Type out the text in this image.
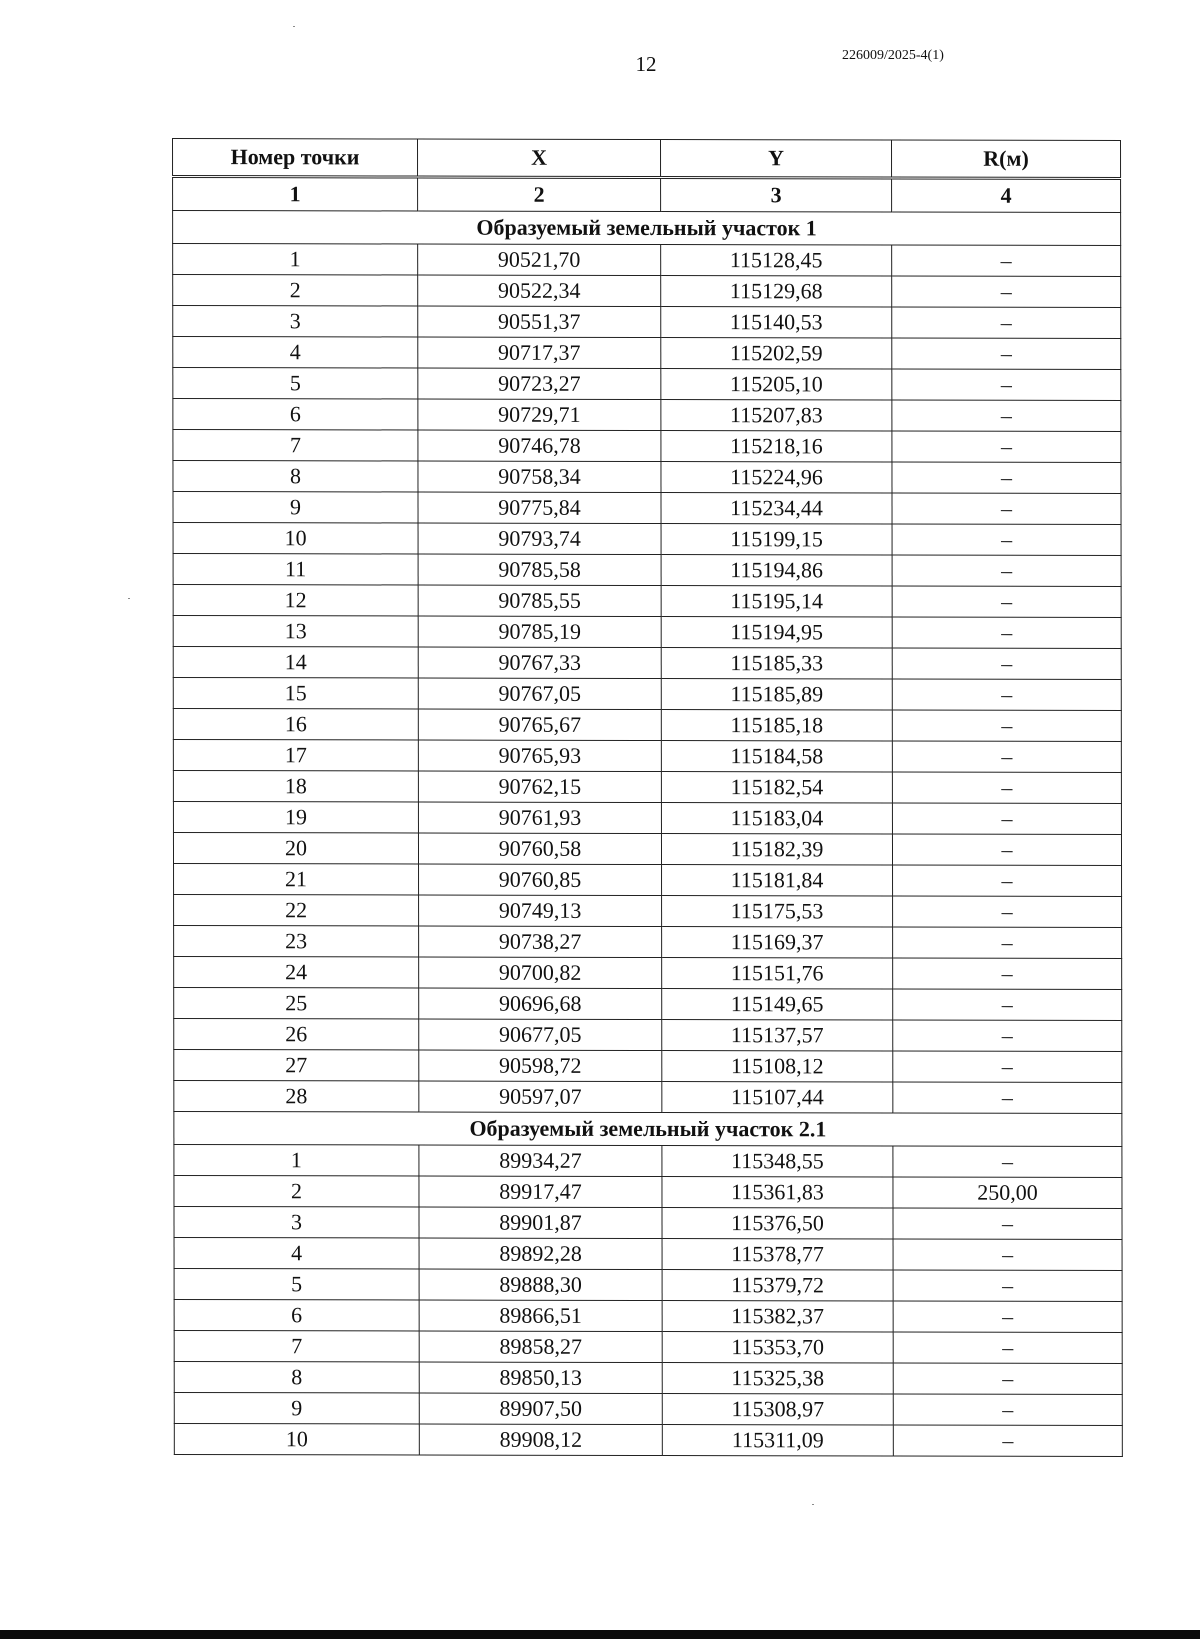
12	226009/2025-4(1)
Номер точки	X	Y	R(м)
1	2	3	4
Образуемый земельный участок 1			
1	90521,70	115128,45	–
2	90522,34	115129,68	–
3	90551,37	115140,53	–
4	90717,37	115202,59	–
5	90723,27	115205,10	–
6	90729,71	115207,83	–
7	90746,78	115218,16	–
8	90758,34	115224,96	–
9	90775,84	115234,44	–
10	90793,74	115199,15	–
11	90785,58	115194,86	–
12	90785,55	115195,14	–
13	90785,19	115194,95	–
14	90767,33	115185,33	–
15	90767,05	115185,89	–
16	90765,67	115185,18	–
17	90765,93	115184,58	–
18	90762,15	115182,54	–
19	90761,93	115183,04	–
20	90760,58	115182,39	–
21	90760,85	115181,84	–
22	90749,13	115175,53	–
23	90738,27	115169,37	–
24	90700,82	115151,76	–
25	90696,68	115149,65	–
26	90677,05	115137,57	–
27	90598,72	115108,12	–
28	90597,07	115107,44	–
Образуемый земельный участок 2.1			
1	89934,27	115348,55	–
2	89917,47	115361,83	250,00
3	89901,87	115376,50	–
4	89892,28	115378,77	–
5	89888,30	115379,72	–
6	89866,51	115382,37	–
7	89858,27	115353,70	–
8	89850,13	115325,38	–
9	89907,50	115308,97	–
10	89908,12	115311,09	–
